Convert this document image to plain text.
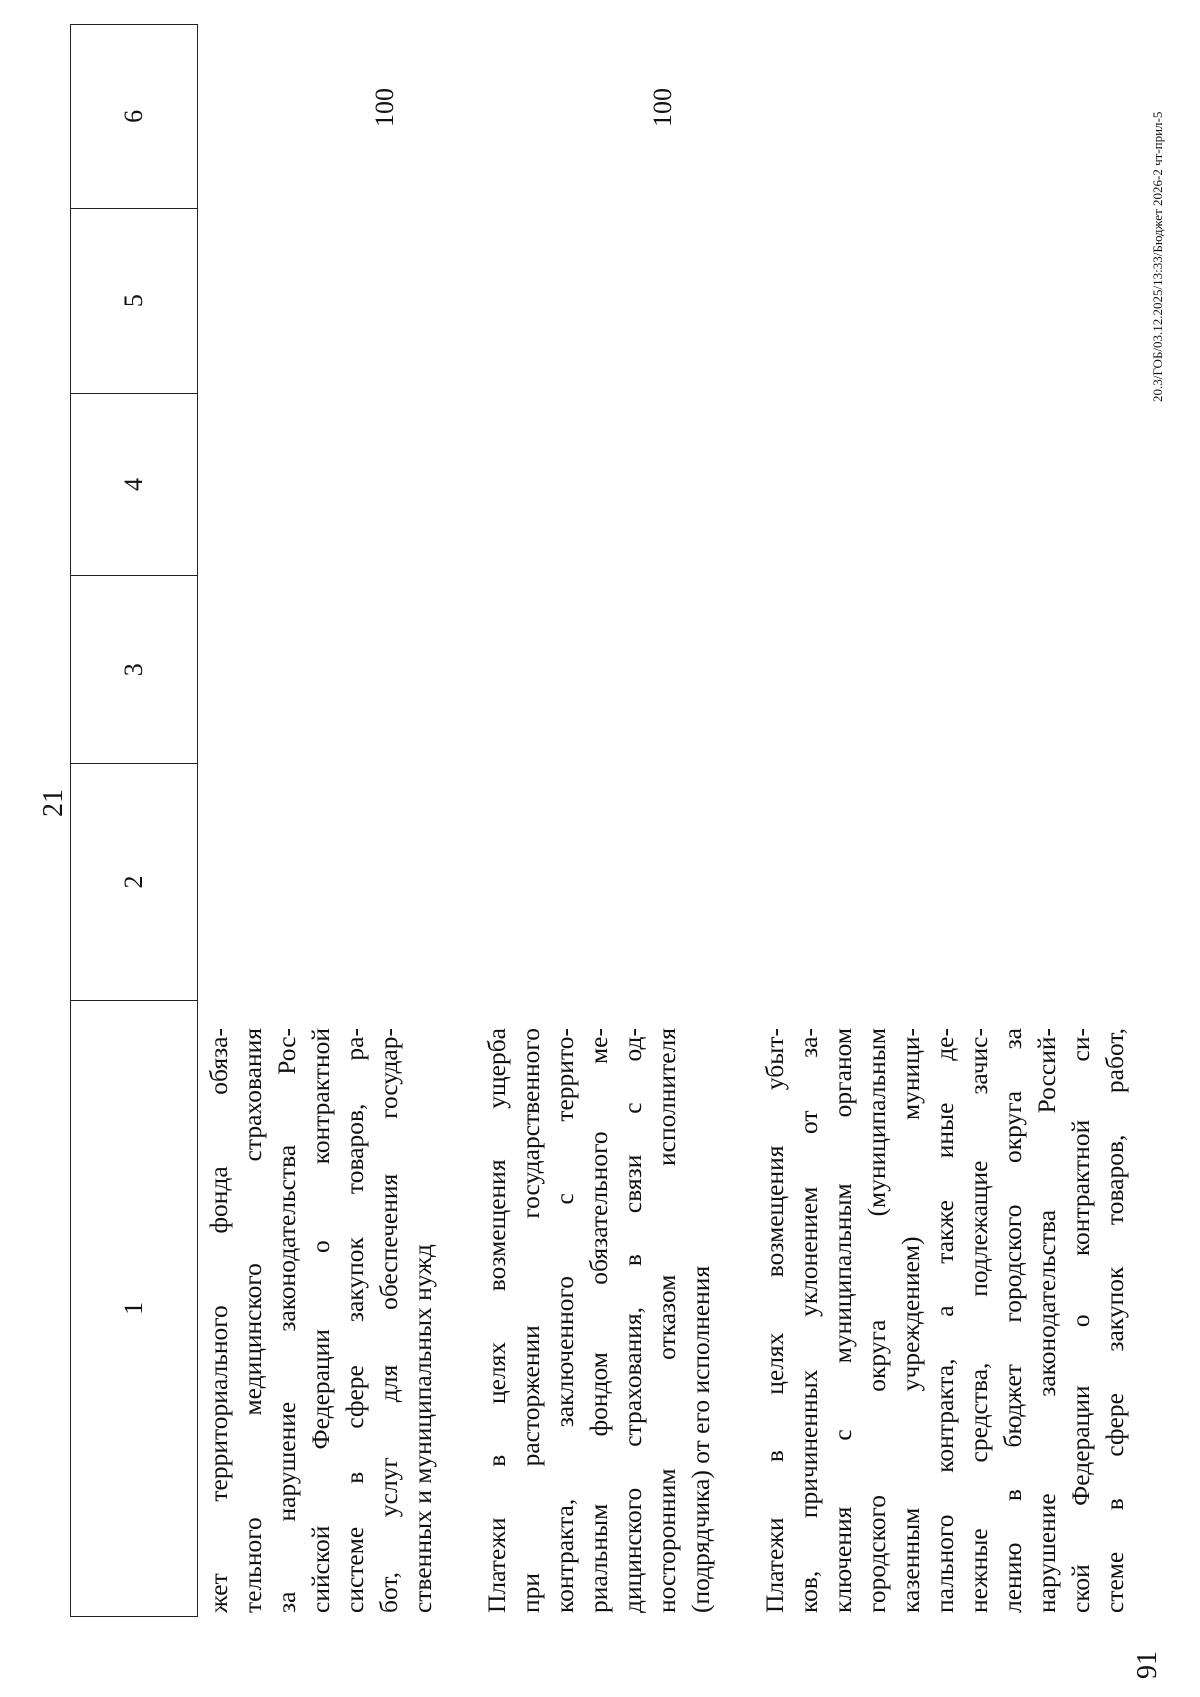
21
1
2
3
4
5
6
жет территориального фонда обяза- тельного медицинского страхования за нарушение законодательства Рос- сийской Федерации о контрактной системе в сфере закупок товаров, ра- бот, услуг для обеспечения государ- ственных и муниципальных нужд
100
Платежи в целях возмещения ущерба при расторжении государственного контракта, заключенного с террито- риальным фондом обязательного ме- дицинского страхования, в связи с од- носторонним отказом исполнителя (подрядчика) от его исполнения
100
Платежи в целях возмещения убыт- ков, причиненных уклонением от за- ключения с муниципальным органом городского округа (муниципальным казенным учреждением) муници- пального контракта, а также иные де- нежные средства, подлежащие зачис- лению в бюджет городского округа за нарушение законодательства Россий- ской Федерации о контрактной си- стеме в сфере закупок товаров, работ,
91
20.3/ГОБ/03.12.2025/13:33/Бюджет 2026-2 чт-прил-5
